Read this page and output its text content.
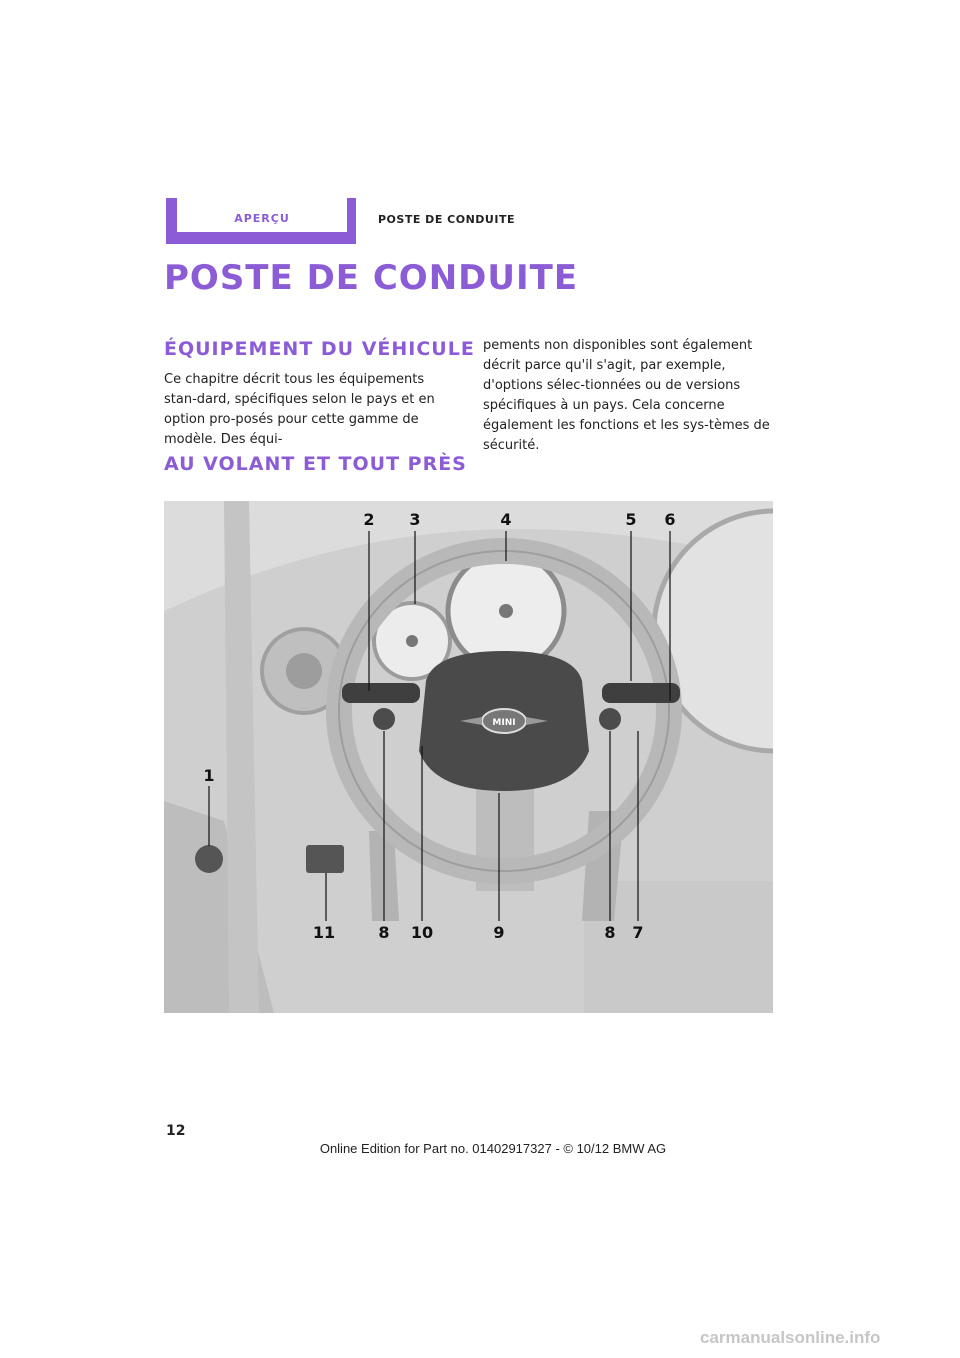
APERÇU	POSTE DE CONDUITE
POSTE DE CONDUITE
ÉQUIPEMENT DU VÉHICULE

Ce chapitre décrit tous les équipements stan-dard, spécifiques selon le pays et en option pro-posés pour cette gamme de modèle. Des équi-

pements non disponibles sont également décrit parce qu'il s'agit, par exemple, d'options sélec-tionnées ou de versions spécifiques à un pays. Cela concerne également les fonctions et les sys-tèmes de sécurité.

AU VOLANT ET TOUT PRÈS
MINI
2 3	4	5 6
1
11	8 10	9	8 7
12
Online Edition for Part no. 01402917327 - © 10/12 BMW AG
carmanualsonline.info
